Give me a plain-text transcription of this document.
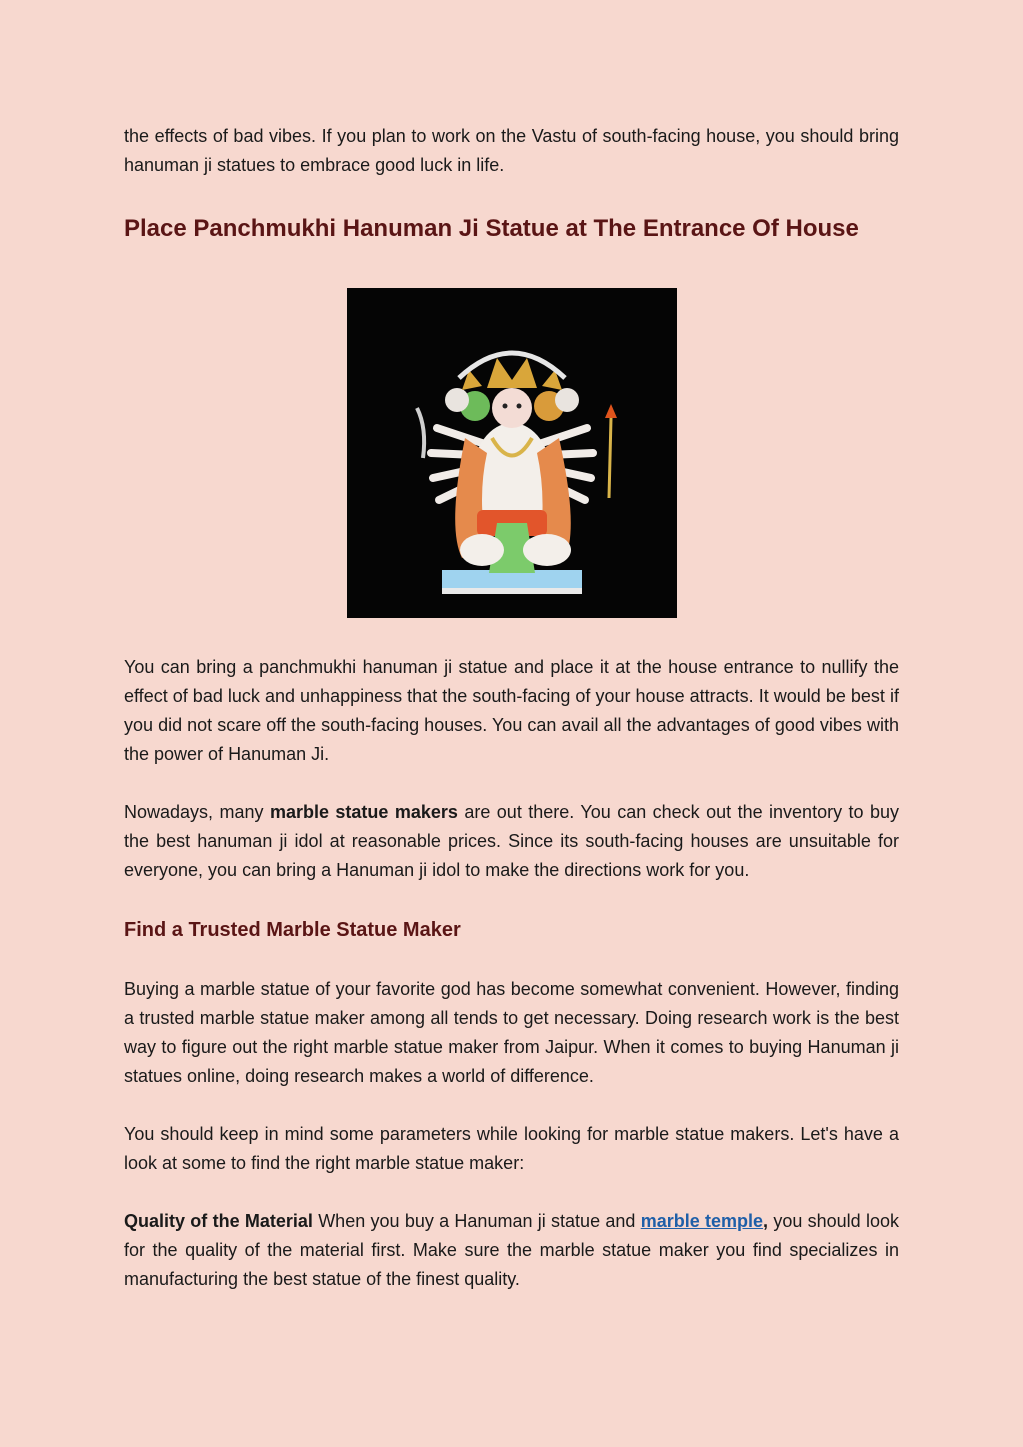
the effects of bad vibes. If you plan to work on the Vastu of south-facing house, you should bring hanuman ji statues to embrace good luck in life.

Place Panchmukhi Hanuman Ji Statue at The Entrance Of House

You can bring a panchmukhi hanuman ji statue and place it at the house entrance to nullify the effect of bad luck and unhappiness that the south-facing of your house attracts. It would be best if you did not scare off the south-facing houses. You can avail all the advantages of good vibes with the power of Hanuman Ji.

Nowadays, many marble statue makers are out there. You can check out the inventory to buy the best hanuman ji idol at reasonable prices. Since its south-facing houses are unsuitable for everyone, you can bring a Hanuman ji idol to make the directions work for you.

Find a Trusted Marble Statue Maker

Buying a marble statue of your favorite god has become somewhat convenient. However, finding a trusted marble statue maker among all tends to get necessary. Doing research work is the best way to figure out the right marble statue maker from Jaipur. When it comes to buying Hanuman ji statues online, doing research makes a world of difference.

You should keep in mind some parameters while looking for marble statue makers. Let's have a look at some to find the right marble statue maker:

Quality of the Material When you buy a Hanuman ji statue and marble temple, you should look for the quality of the material first. Make sure the marble statue maker you find specializes in manufacturing the best statue of the finest quality.
